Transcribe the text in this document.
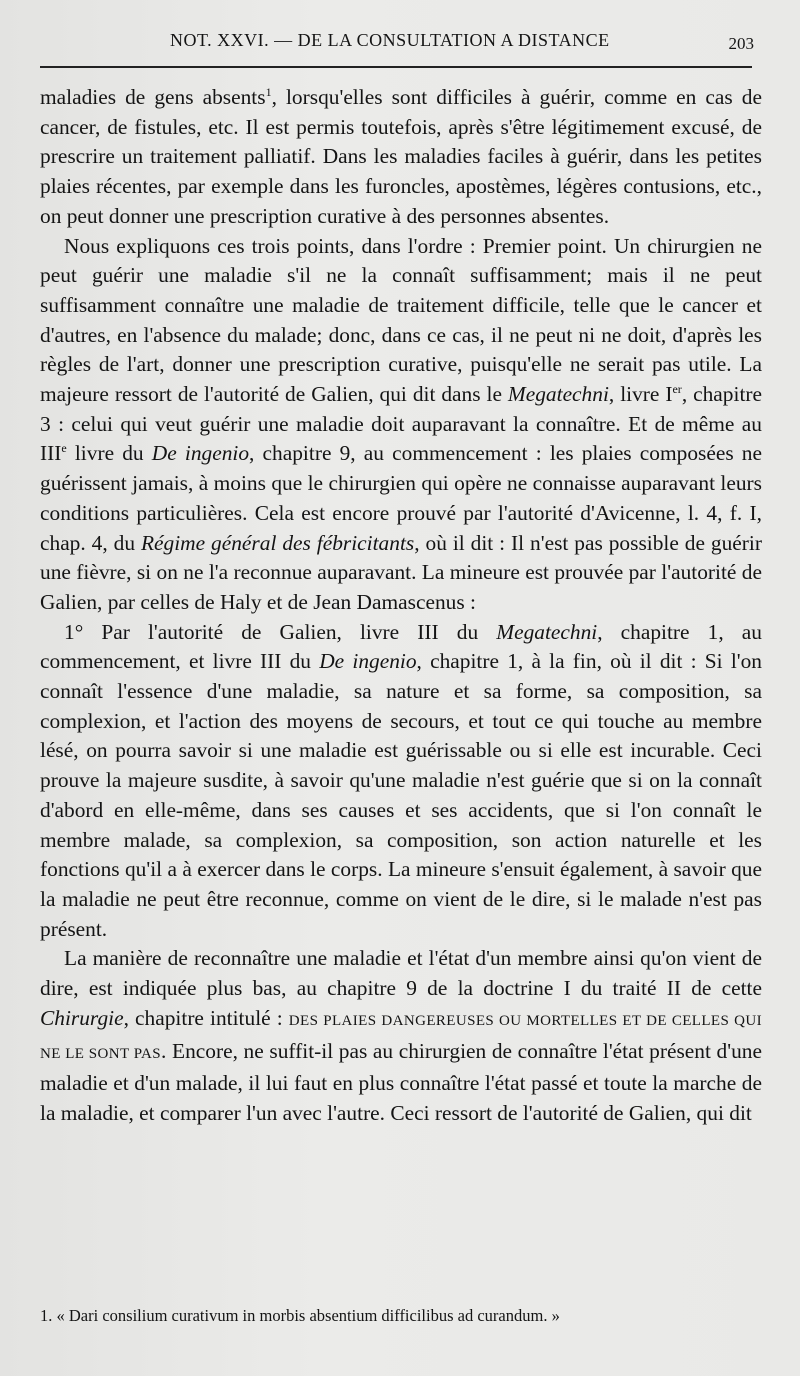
NOT. XXVI. — DE LA CONSULTATION A DISTANCE	203

maladies de gens absents$^1$, lorsqu'elles sont difficiles à guérir, comme en cas de cancer, de fistules, etc. Il est permis toutefois, après s'être légitimement excusé, de prescrire un traitement palliatif. Dans les maladies faciles à guérir, dans les petites plaies récentes, par exemple dans les furoncles, apostèmes, légères contusions, etc., on peut donner une prescription curative à des personnes absentes.

Nous expliquons ces trois points, dans l'ordre : Premier point. Un chirurgien ne peut guérir une maladie s'il ne la connaît suffisamment; mais il ne peut suffisamment connaître une maladie de traitement difficile, telle que le cancer et d'autres, en l'absence du malade; donc, dans ce cas, il ne peut ni ne doit, d'après les règles de l'art, donner une prescription curative, puisqu'elle ne serait pas utile. La majeure ressort de l'autorité de Galien, qui dit dans le Megatechni, livre Ier, chapitre 3 : celui qui veut guérir une maladie doit auparavant la connaître. Et de même au IIIe livre du De ingenio, chapitre 9, au commencement : les plaies composées ne guérissent jamais, à moins que le chirurgien qui opère ne connaisse auparavant leurs conditions particulières. Cela est encore prouvé par l'autorité d'Avicenne, l. 4, f. I, chap. 4, du Régime général des fébricitants, où il dit : Il n'est pas possible de guérir une fièvre, si on ne l'a reconnue auparavant. La mineure est prouvée par l'autorité de Galien, par celles de Haly et de Jean Damascenus :

1° Par l'autorité de Galien, livre III du Megatechni, chapitre 1, au commencement, et livre III du De ingenio, chapitre 1, à la fin, où il dit : Si l'on connaît l'essence d'une maladie, sa nature et sa forme, sa composition, sa complexion, et l'action des moyens de secours, et tout ce qui touche au membre lésé, on pourra savoir si une maladie est guérissable ou si elle est incurable. Ceci prouve la majeure susdite, à savoir qu'une maladie n'est guérie que si on la connaît d'abord en elle-même, dans ses causes et ses accidents, que si l'on connaît le membre malade, sa complexion, sa composition, son action naturelle et les fonctions qu'il a à exercer dans le corps. La mineure s'ensuit également, à savoir que la maladie ne peut être reconnue, comme on vient de le dire, si le malade n'est pas présent.

La manière de reconnaître une maladie et l'état d'un membre ainsi qu'on vient de dire, est indiquée plus bas, au chapitre 9 de la doctrine I du traité II de cette Chirurgie, chapitre intitulé : DES PLAIES DANGEREUSES OU MORTELLES ET DE CELLES QUI NE LE SONT PAS. Encore, ne suffit-il pas au chirurgien de connaître l'état présent d'une maladie et d'un malade, il lui faut en plus connaître l'état passé et toute la marche de la maladie, et comparer l'un avec l'autre. Ceci ressort de l'autorité de Galien, qui dit

1. « Dari consilium curativum in morbis absentium difficilibus ad curandum. »
